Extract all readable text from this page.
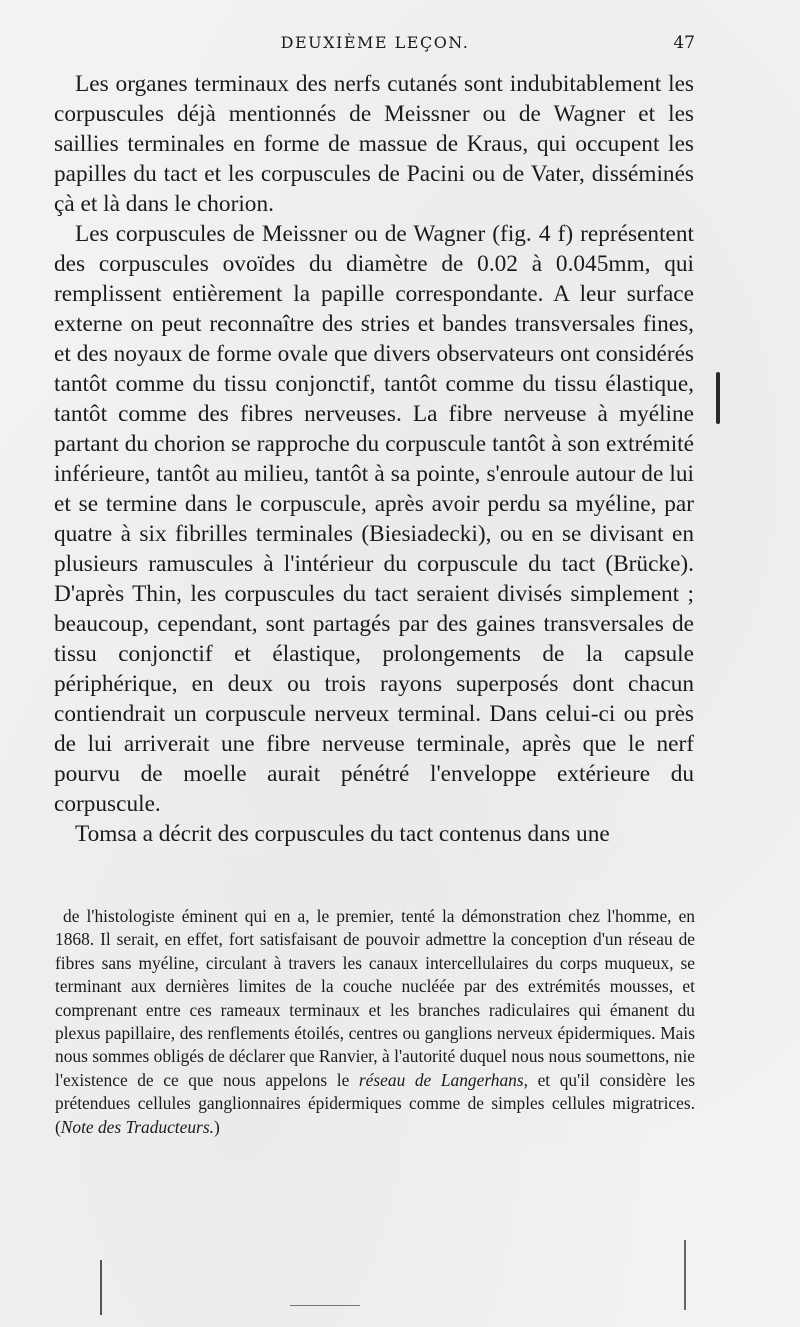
DEUXIÈME LEÇON.	47

Les organes terminaux des nerfs cutanés sont indubitablement les corpuscules déjà mentionnés de Meissner ou de Wagner et les saillies terminales en forme de massue de Kraus, qui occupent les papilles du tact et les corpuscules de Pacini ou de Vater, disséminés çà et là dans le chorion.

Les corpuscules de Meissner ou de Wagner (fig. 4 f) représentent des corpuscules ovoïdes du diamètre de 0.02 à 0.045mm, qui remplissent entièrement la papille correspondante. A leur surface externe on peut reconnaître des stries et bandes transversales fines, et des noyaux de forme ovale que divers observateurs ont considérés tantôt comme du tissu conjonctif, tantôt comme du tissu élastique, tantôt comme des fibres nerveuses. La fibre nerveuse à myéline partant du chorion se rapproche du corpuscule tantôt à son extrémité inférieure, tantôt au milieu, tantôt à sa pointe, s'enroule autour de lui et se termine dans le corpuscule, après avoir perdu sa myéline, par quatre à six fibrilles terminales (Biesiadecki), ou en se divisant en plusieurs ramuscules à l'intérieur du corpuscule du tact (Brücke). D'après Thin, les corpuscules du tact seraient divisés simplement ; beaucoup, cependant, sont partagés par des gaines transversales de tissu conjonctif et élastique, prolongements de la capsule périphérique, en deux ou trois rayons superposés dont chacun contiendrait un corpuscule nerveux terminal. Dans celui-ci ou près de lui arriverait une fibre nerveuse terminale, après que le nerf pourvu de moelle aurait pénétré l'enveloppe extérieure du corpuscule.

Tomsa a décrit des corpuscules du tact contenus dans une

de l'histologiste éminent qui en a, le premier, tenté la démonstration chez l'homme, en 1868. Il serait, en effet, fort satisfaisant de pouvoir admettre la conception d'un réseau de fibres sans myéline, circulant à travers les canaux intercellulaires du corps muqueux, se terminant aux dernières limites de la couche nucléée par des extrémités mousses, et comprenant entre ces rameaux terminaux et les branches radiculaires qui émanent du plexus papillaire, des renflements étoilés, centres ou ganglions nerveux épidermiques. Mais nous sommes obligés de déclarer que Ranvier, à l'autorité duquel nous nous soumettons, nie l'existence de ce que nous appelons le réseau de Langerhans, et qu'il considère les prétendues cellules ganglionnaires épidermiques comme de simples cellules migratrices. (Note des Traducteurs.)
